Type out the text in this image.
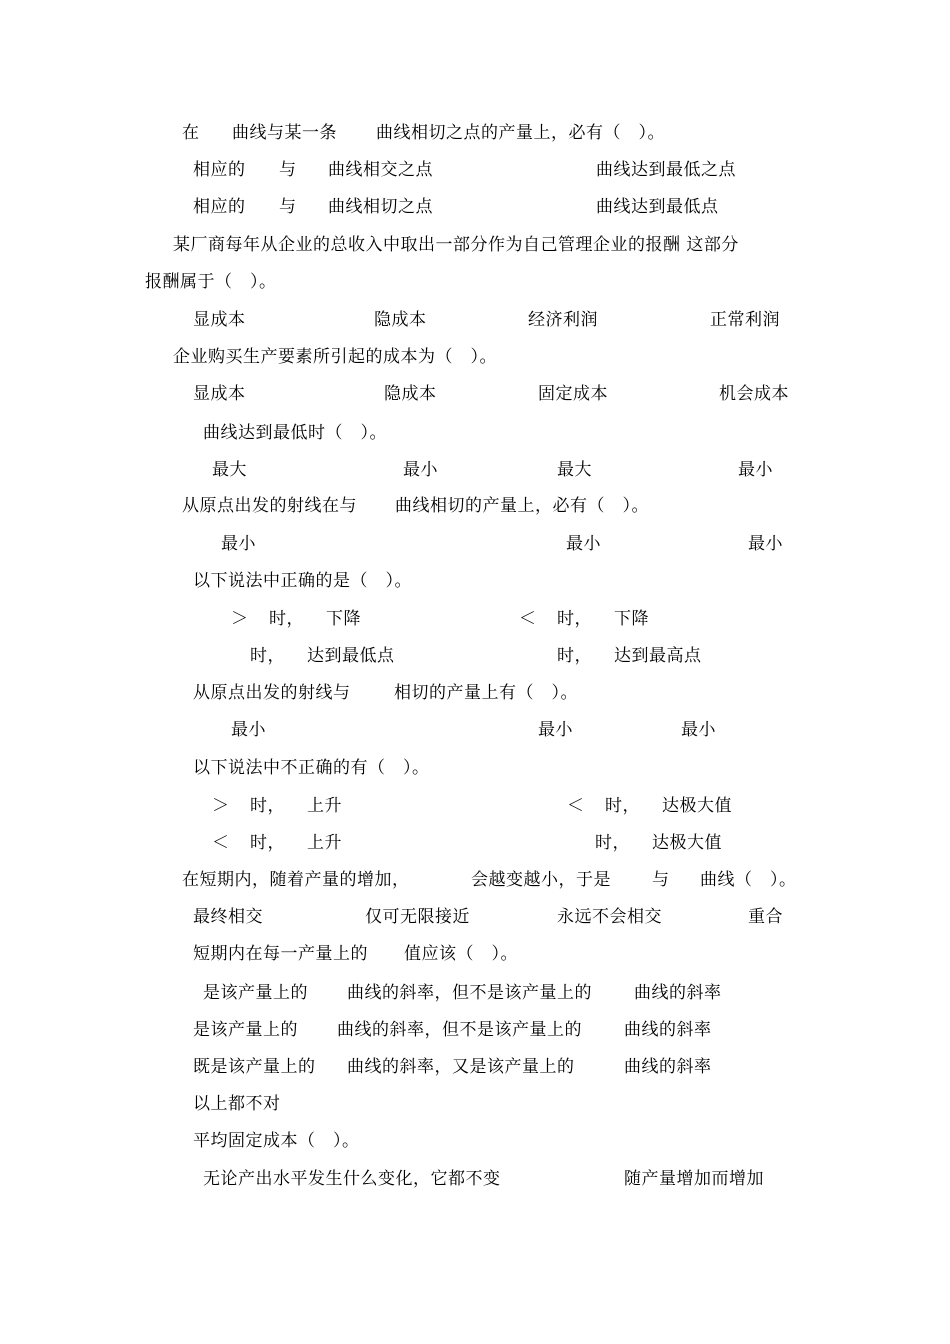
在 曲线与某一条 曲线相切之点的产量上，必有（　）。
相应的 与 曲线相交之点	曲线达到最低之点
相应的 与 曲线相切之点	曲线达到最低点
某厂商每年从企业的总收入中取出一部分作为自己管理企业的报酬 这部分
报酬属于（　）。
显成本	隐成本	经济利润	正常利润
企业购买生产要素所引起的成本为（　）。
显成本	隐成本	固定成本	机会成本
曲线达到最低时（　）。
最大	最小	最大	最小
从原点出发的射线在与 曲线相切的产量上，必有（　）。
最小	最小	最小
以下说法中正确的是（　）。
＞ 时， 下降	＜ 时， 下降
时， 达到最低点	时， 达到最高点
从原点出发的射线与	相切的产量上有（　）。
最小	最小	最小
以下说法中不正确的有（　）。
＞ 时， 上升	＜ 时， 达极大值
＜ 时， 上升	时， 达极大值
在短期内，随着产量的增加，	会越变越小，于是 与 曲线（　）。
最终相交	仅可无限接近	永远不会相交	重合
短期内在每一产量上的 值应该（　）。
是该产量上的 曲线的斜率，但不是该产量上的 曲线的斜率
是该产量上的 曲线的斜率，但不是该产量上的 曲线的斜率
既是该产量上的 曲线的斜率，又是该产量上的	曲线的斜率
以上都不对
平均固定成本（　）。
无论产出水平发生什么变化，它都不变	随产量增加而增加
